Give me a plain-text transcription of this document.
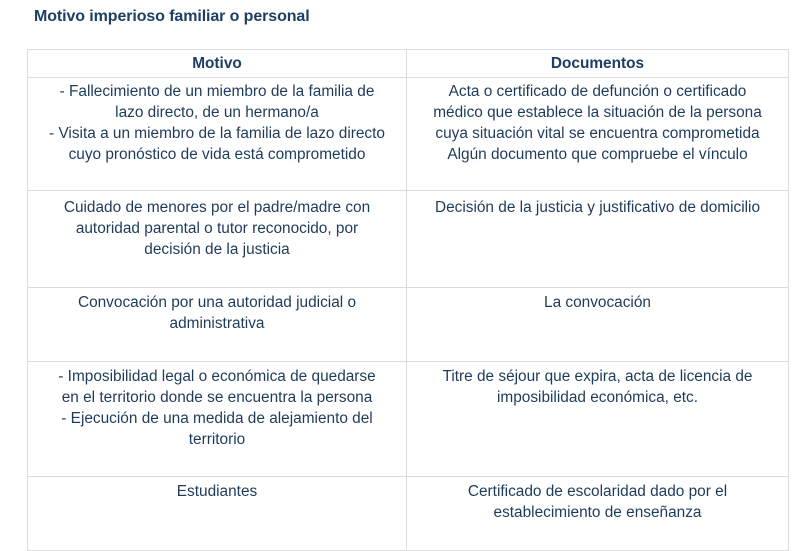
Motivo imperioso familiar o personal
Motivo	Documentos

- Fallecimiento de un miembro de la familia de
lazo directo, de un hermano/a
- Visita a un miembro de la familia de lazo directo
cuyo pronóstico de vida está comprometido	Acta o certificado de defunción o certificado
médico que establece la situación de la persona
cuya situación vital se encuentra comprometida
Algún documento que compruebe el vínculo

Cuidado de menores por el padre/madre con
autoridad parental o tutor reconocido, por
decisión de la justicia	Decisión de la justicia y justificativo de domicilio

Convocación por una autoridad judicial o
administrativa	La convocación

- Imposibilidad legal o económica de quedarse
en el territorio donde se encuentra la persona
- Ejecución de una medida de alejamiento del
territorio	Titre de séjour que expira, acta de licencia de
imposibilidad económica, etc.

Estudiantes	Certificado de escolaridad dado por el
establecimiento de enseñanza
